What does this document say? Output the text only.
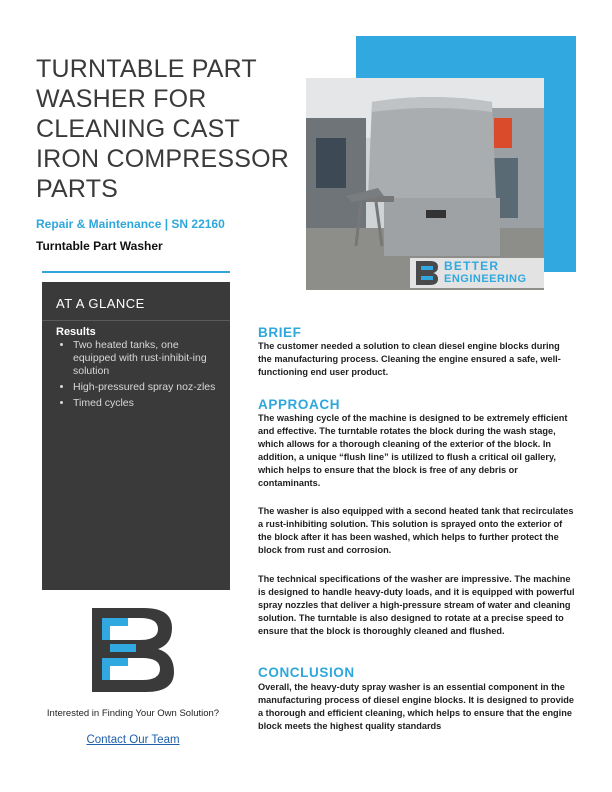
TURNTABLE PART WASHER FOR CLEANING CAST IRON COMPRESSOR PARTS
Repair & Maintenance | SN 22160
Turntable Part Washer
BETTER
ENGINEERING
AT A GLANCE
Results
• Two heated tanks, one equipped with rust-inhibit-ing solution
• High-pressured spray noz-zles
• Timed cycles
Interested in Finding Your Own Solution?
Contact Our Team
BRIEF

The customer needed a solution to clean diesel engine blocks during the manufacturing process. Cleaning the engine ensured a safe, well-functioning end user product.

APPROACH

The washing cycle of the machine is designed to be extremely efficient and effective. The turntable rotates the block during the wash stage, which allows for a thorough cleaning of the exterior of the block. In addition, a unique “flush line” is utilized to flush a critical oil gallery, which helps to ensure that the block is free of any debris or contaminants.

The washer is also equipped with a second heated tank that recirculates a rust-inhibiting solution. This solution is sprayed onto the exterior of the block after it has been washed, which helps to further protect the block from rust and corrosion.

The technical specifications of the washer are impressive. The machine is designed to handle heavy-duty loads, and it is equipped with powerful spray nozzles that deliver a high-pressure stream of water and cleaning solution. The turntable is also designed to rotate at a precise speed to ensure that the block is thoroughly cleaned and flushed.

CONCLUSION

Overall, the heavy-duty spray washer is an essential component in the manufacturing process of diesel engine blocks. It is designed to provide a thorough and efficient cleaning, which helps to ensure that the engine block meets the highest quality standards
